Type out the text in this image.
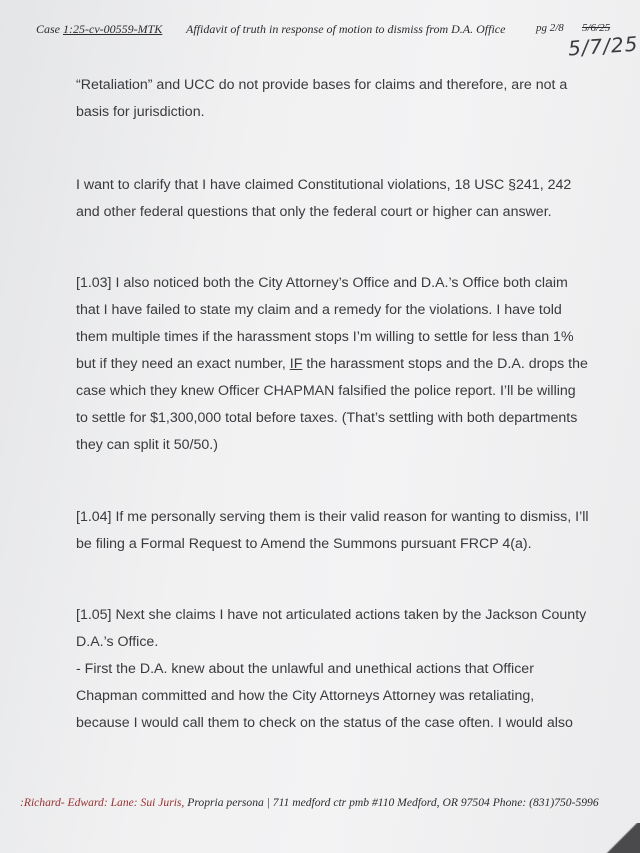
Case 1:25-cv-00559-MTK Affidavit of truth in response of motion to dismiss from D.A. Office	pg 2/8 5/6/25
5/7/25
“Retaliation” and UCC do not provide bases for claims and therefore, are not a
basis for jurisdiction.
I want to clarify that I have claimed Constitutional violations, 18 USC §241, 242
and other federal questions that only the federal court or higher can answer.
[1.03] I also noticed both the City Attorney’s Office and D.A.’s Office both claim
that I have failed to state my claim and a remedy for the violations. I have told
them multiple times if the harassment stops I’m willing to settle for less than 1%
but if they need an exact number, IF the harassment stops and the D.A. drops the
case which they knew Officer CHAPMAN falsified the police report. I’ll be willing
to settle for $1,300,000 total before taxes. (That’s settling with both departments
they can split it 50/50.)
[1.04] If me personally serving them is their valid reason for wanting to dismiss, I’ll
be filing a Formal Request to Amend the Summons pursuant FRCP 4(a).
[1.05] Next she claims I have not articulated actions taken by the Jackson County
D.A.’s Office.
- First the D.A. knew about the unlawful and unethical actions that Officer
Chapman committed and how the City Attorneys Attorney was retaliating,
because I would call them to check on the status of the case often. I would also
:Richard- Edward: Lane: Sui Juris, Propria persona | 711 medford ctr pmb #110 Medford, OR 97504 Phone: (831)750-5996
